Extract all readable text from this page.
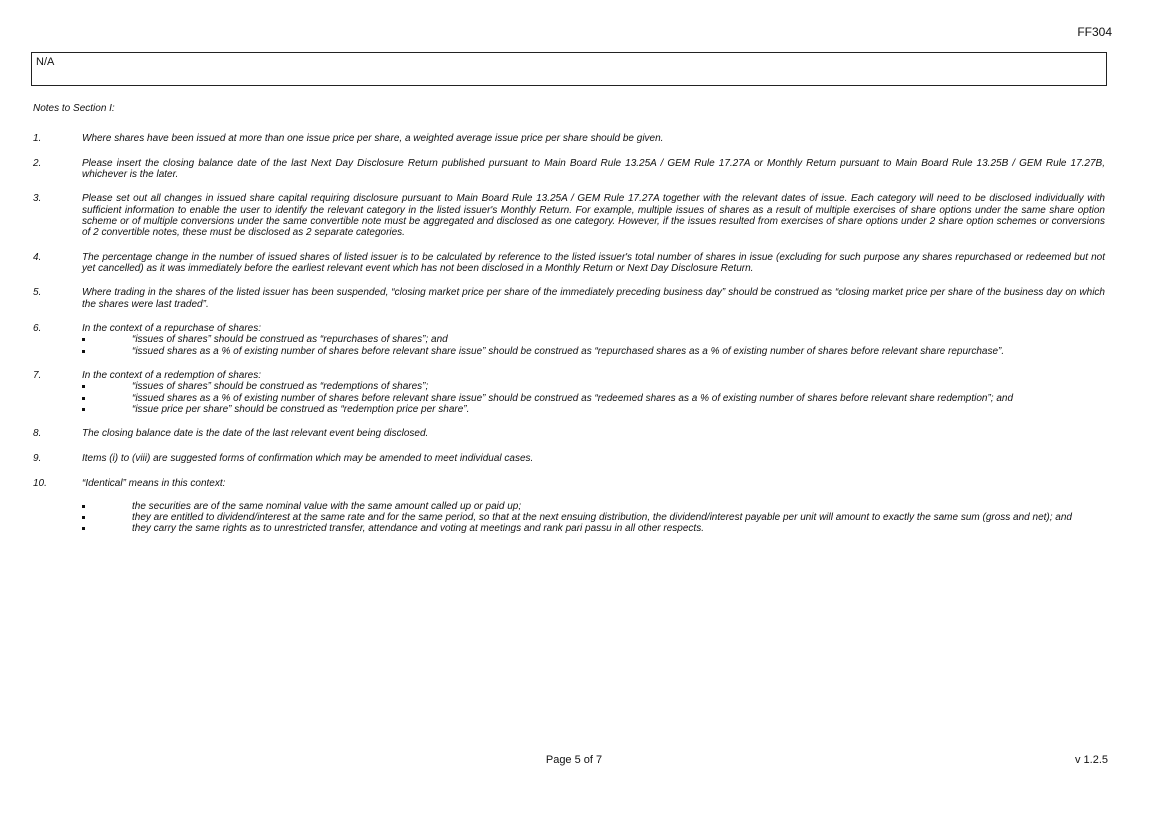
FF304
N/A
Notes to Section I:
1.	Where shares have been issued at more than one issue price per share, a weighted average issue price per share should be given.
2.	Please insert the closing balance date of the last Next Day Disclosure Return published pursuant to Main Board Rule 13.25A / GEM Rule 17.27A or Monthly Return pursuant to Main Board Rule 13.25B / GEM Rule 17.27B, whichever is the later.
3.	Please set out all changes in issued share capital requiring disclosure pursuant to Main Board Rule 13.25A / GEM Rule 17.27A together with the relevant dates of issue. Each category will need to be disclosed individually with sufficient information to enable the user to identify the relevant category in the listed issuer's Monthly Return. For example, multiple issues of shares as a result of multiple exercises of share options under the same share option scheme or of multiple conversions under the same convertible note must be aggregated and disclosed as one category. However, if the issues resulted from exercises of share options under 2 share option schemes or conversions of 2 convertible notes, these must be disclosed as 2 separate categories.
4.	The percentage change in the number of issued shares of listed issuer is to be calculated by reference to the listed issuer's total number of shares in issue (excluding for such purpose any shares repurchased or redeemed but not yet cancelled) as it was immediately before the earliest relevant event which has not been disclosed in a Monthly Return or Next Day Disclosure Return.
5.	Where trading in the shares of the listed issuer has been suspended, “closing market price per share of the immediately preceding business day” should be construed as “closing market price per share of the business day on which the shares were last traded”.
6.	In the context of a repurchase of shares:
“issues of shares” should be construed as “repurchases of shares”; and
“issued shares as a % of existing number of shares before relevant share issue” should be construed as “repurchased shares as a % of existing number of shares before relevant share repurchase”.
7.	In the context of a redemption of shares:
“issues of shares” should be construed as “redemptions of shares”;
“issued shares as a % of existing number of shares before relevant share issue” should be construed as “redeemed shares as a % of existing number of shares before relevant share redemption”; and
“issue price per share” should be construed as “redemption price per share”.
8.	The closing balance date is the date of the last relevant event being disclosed.
9.	Items (i) to (viii) are suggested forms of confirmation which may be amended to meet individual cases.
10.	“Identical” means in this context:
the securities are of the same nominal value with the same amount called up or paid up;
they are entitled to dividend/interest at the same rate and for the same period, so that at the next ensuing distribution, the dividend/interest payable per unit will amount to exactly the same sum (gross and net); and
they carry the same rights as to unrestricted transfer, attendance and voting at meetings and rank pari passu in all other respects.
Page 5 of 7	v 1.2.5
